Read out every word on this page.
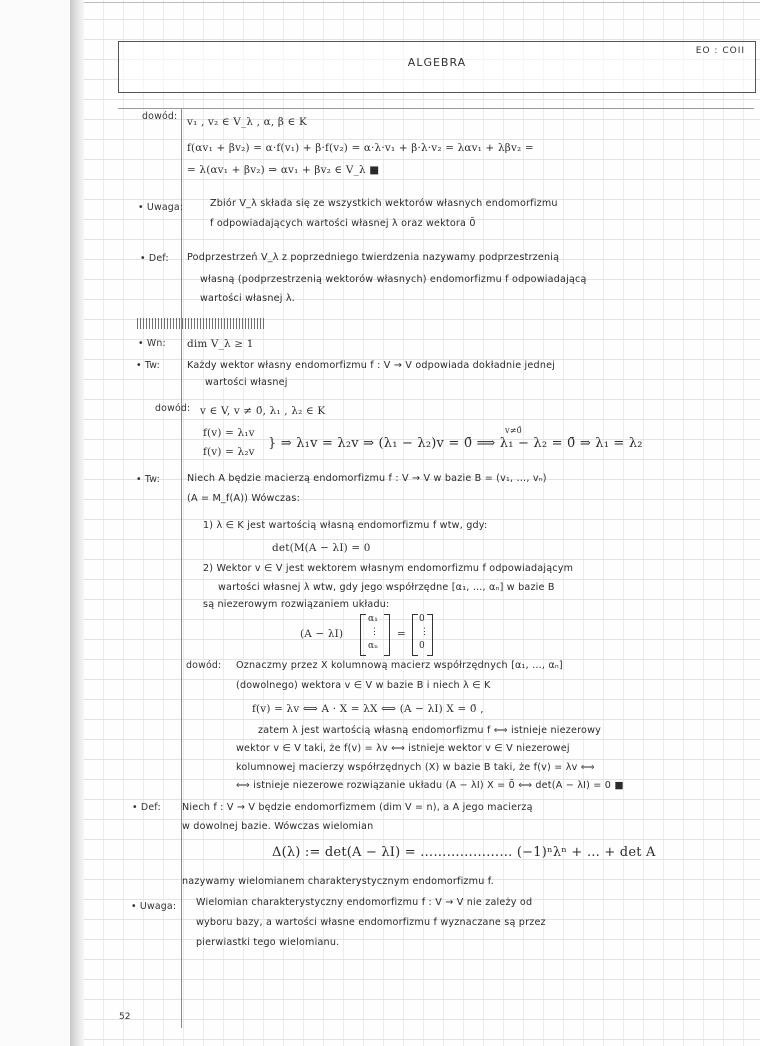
ALGEBRA
EO : COII
dowód: v₁ , v₂ ∈ V_λ , α, β ∈ K
f(αv₁ + βv₂) = α·f(v₁) + β·f(v₂) = α·λ·v₁ + β·λ·v₂ = λαv₁ + λβv₂ =
= λ(αv₁ + βv₂) ⇒ αv₁ + βv₂ ∈ V_λ ■
• Uwaga:	Zbiór V_λ składa się ze wszystkich wektorów własnych endomorfizmu
f odpowiadających wartości własnej λ oraz wektora 0̄
• Def: Podprzestrzeń V_λ z poprzedniego twierdzenia nazywamy podprzestrzenią
własną (podprzestrzenią wektorów własnych) endomorfizmu f odpowiadającą
wartości własnej λ.
• Wn: dim V_λ ≥ 1
• Tw:	Każdy wektor własny endomorfizmu f : V → V odpowiada dokładnie jednej
wartości własnej
dowód: v ∈ V, v ≠ 0̄, λ₁ , λ₂ ∈ K
f(v) = λ₁v
f(v) = λ₂v
v≠0̄
} ⇒ λ₁v = λ₂v ⇒ (λ₁ − λ₂)v = 0̄ ⟹ λ₁ − λ₂ = 0̄ ⇒ λ₁ = λ₂
• Tw:	Niech A będzie macierzą endomorfizmu f : V → V w bazie B = (v₁, …, vₙ)
(A = M_f(A)) Wówczas:
1) λ ∈ K jest wartością własną endomorfizmu f wtw, gdy:
det(M(A − λI) = 0
2) Wektor v ∈ V jest wektorem własnym endomorfizmu f odpowiadającym
wartości własnej λ wtw, gdy jego współrzędne [α₁, …, αₙ] w bazie B
są niezerowym rozwiązaniem układu:
(A − λI)
α₁
⋮
αₙ
=
0
⋮
0
dowód: Oznaczmy przez X kolumnową macierz współrzędnych [α₁, …, αₙ]
(dowolnego) wektora v ∈ V w bazie B i niech λ ∈ K
f(v) = λv ⟺ A · X = λX ⟺ (A − λI) X = 0̄ ,
zatem λ jest wartością własną endomorfizmu f ⟺ istnieje niezerowy
wektor v ∈ V taki, że f(v) = λv ⟺ istnieje wektor v ∈ V niezerowej
kolumnowej macierzy współrzędnych (X) w bazie B taki, że f(v) = λv ⟺
⟺ istnieje niezerowe rozwiązanie układu (A − λI) X = 0̄ ⟺ det(A − λI) = 0 ■
• Def: Niech f : V → V będzie endomorfizmem (dim V = n), a A jego macierzą
w dowolnej bazie. Wówczas wielomian
Δ(λ) := det(A − λI) = ………………… (−1)ⁿλⁿ + … + det A
nazywamy wielomianem charakterystycznym endomorfizmu f.
• Uwaga: Wielomian charakterystyczny endomorfizmu f : V → V nie zależy od
wyboru bazy, a wartości własne endomorfizmu f wyznaczane są przez
pierwiastki tego wielomianu.
52
